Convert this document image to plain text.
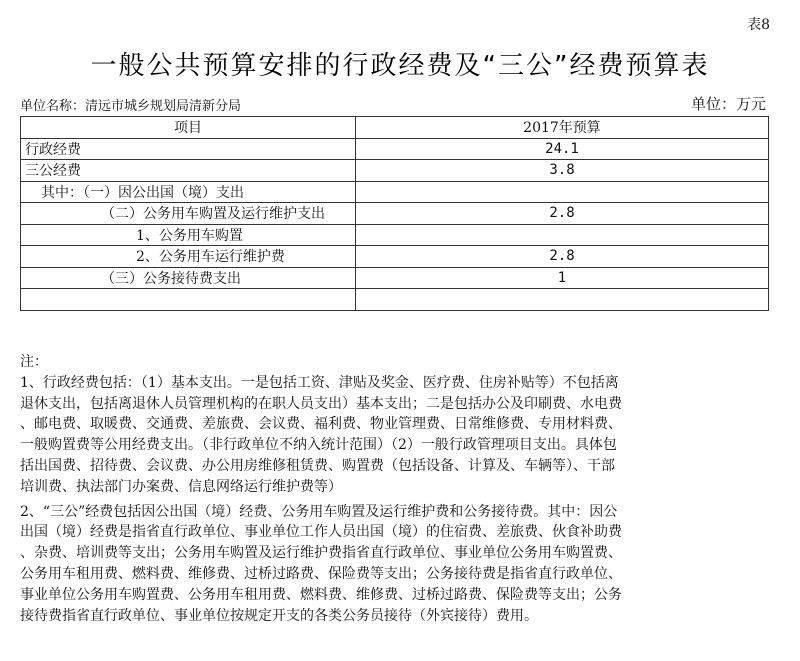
表8
一般公共预算安排的行政经费及“三公”经费预算表
单位名称：清远市城乡规划局清新分局	单位：万元
项目	2017年预算
行政经费	24.1
三公经费	3.8
其中：（一）因公出国（境）支出	
（二）公务用车购置及运行维护支出	2.8
1、公务用车购置	
2、公务用车运行维护费	2.8
（三）公务接待费支出	1

注：

1、行政经费包括：（1）基本支出。一是包括工资、津贴及奖金、医疗费、住房补贴等）不包括离

退休支出，包括离退休人员管理机构的在职人员支出）基本支出；二是包括办公及印刷费、水电费

、邮电费、取暖费、交通费、差旅费、会议费、福利费、物业管理费、日常维修费、专用材料费、

一般购置费等公用经费支出。（非行政单位不纳入统计范围）（2）一般行政管理项目支出。具体包

括出国费、招待费、会议费、办公用房维修租赁费、购置费（包括设备、计算及、车辆等）、干部

培训费、执法部门办案费、信息网络运行维护费等）

2、“三公”经费包括因公出国（境）经费、公务用车购置及运行维护费和公务接待费。其中：因公

出国（境）经费是指省直行政单位、事业单位工作人员出国（境）的住宿费、差旅费、伙食补助费

、杂费、培训费等支出；公务用车购置及运行维护费指省直行政单位、事业单位公务用车购置费、

公务用车租用费、燃料费、维修费、过桥过路费、保险费等支出；公务接待费是指省直行政单位、

事业单位公务用车购置费、公务用车租用费、燃料费、维修费、过桥过路费、保险费等支出；公务

接待费指省直行政单位、事业单位按规定开支的各类公务员接待（外宾接待）费用。
